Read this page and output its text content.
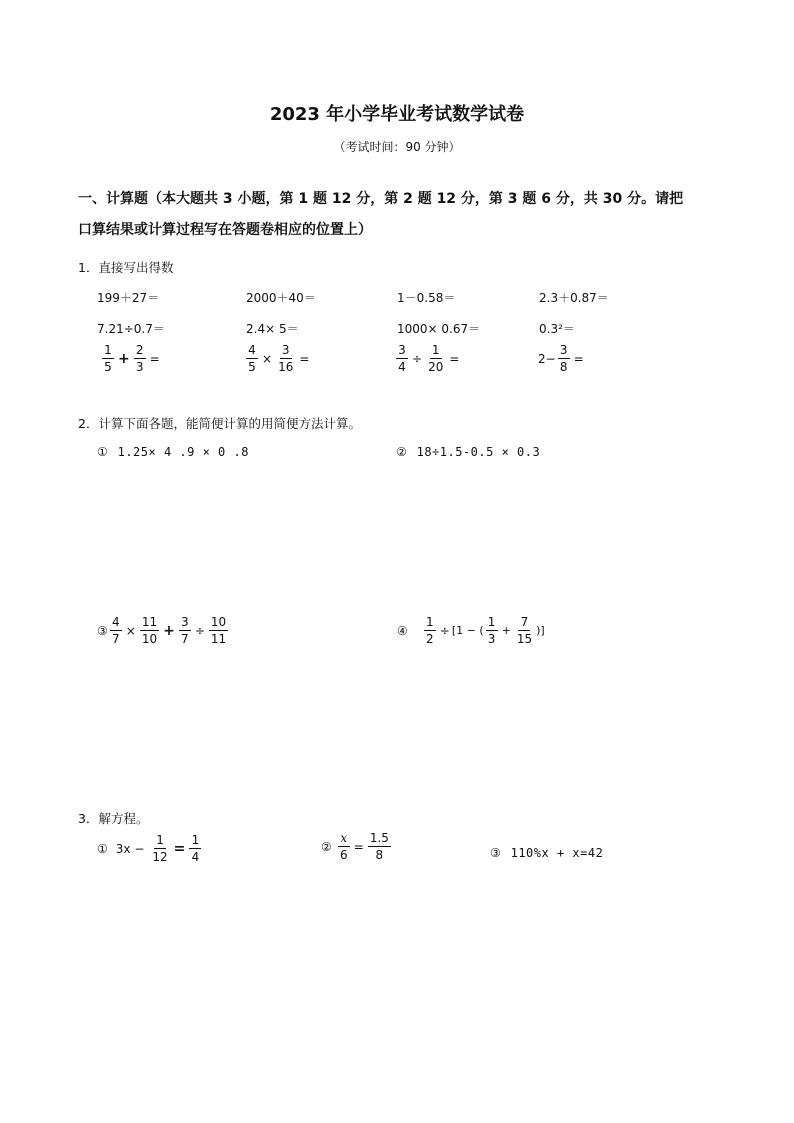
2023 年小学毕业考试数学试卷
（考试时间：90 分钟）
一、计算题（本大题共 3 小题，第 1 题 12 分，第 2 题 12 分，第 3 题 6 分，共 30 分。请把
口算结果或计算过程写在答题卷相应的位置上）
1．直接写出得数
199＋27＝	2000＋40＝	1－0.58＝	2.3＋0.87＝
7.21÷0.7＝	2.4× 5＝	1000× 0.67＝	0.3²＝
$\frac{1}{5} + \frac{2}{3}$ =	$\frac{4}{5} \times \frac{3}{16}$ =	$\frac{3}{4} \div \frac{1}{20}$ =	$2- \frac{3}{8}$ =
2．计算下面各题，能简便计算的用简便方法计算。
① 1.25× 4 .9 × 0 .8	② 18÷1.5-0.5 × 0.3
③ $\frac{4}{7} \times \frac{11}{10} + \frac{3}{7} \div \frac{10}{11}$	④ $\frac{1}{2} \div [1$ − ( $\frac{1}{3} + \frac{7}{15}$ )]
3．解方程。
① $3x - \frac{1}{12} = \frac{1}{4}$	② $\frac{x}{6} = \frac{1.5}{8}$	③ 110%x + x=42
